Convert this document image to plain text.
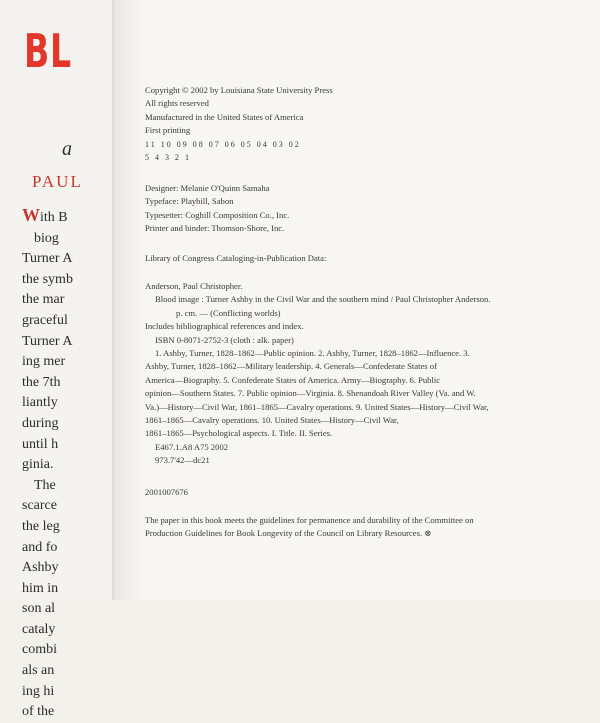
BL
a
PAUL
With B
biog
Turner A
the symb
the mar
graceful
Turner A
ing mer
the 7th
liantly
during
until h
ginia.
The
scarce
the leg
and fo
Ashby
him in
son al
cataly
combi
als an
ing hi
of the
Copyright © 2002 by Louisiana State University Press
All rights reserved
Manufactured in the United States of America
First printing
11 10 09 08 07 06 05 04 03 02
5 4 3 2 1
Designer: Melanie O'Quinn Samaha
Typeface: Playbill, Sabon
Typesetter: Coghill Composition Co., Inc.
Printer and binder: Thomson-Shore, Inc.
Library of Congress Cataloging-in-Publication Data:
Anderson, Paul Christopher.
Blood image : Turner Ashby in the Civil War and the southern mind / Paul Christopher Anderson.
p. cm. — (Conflicting worlds)
Includes bibliographical references and index.
ISBN 0-8071-2752-3 (cloth : alk. paper)
1. Ashby, Turner, 1828–1862—Public opinion. 2. Ashby, Turner, 1828–1862—Influence. 3.
Ashby, Turner, 1828–1862—Military leadership. 4. Generals—Confederate States of
America—Biography. 5. Confederate States of America. Army—Biography. 6. Public
opinion—Southern States. 7. Public opinion—Virginia. 8. Shenandoah River Valley (Va. and W.
Va.)—History—Civil War, 1861–1865—Cavalry operations. 9. United States—History—Civil War,
1861–1865—Cavalry operations. 10. United States—History—Civil War,
1861–1865—Psychological aspects. I. Title. II. Series.
E467.1.A8 A75 2002
973.7'42—dc21
2001007676
The paper in this book meets the guidelines for permanence and durability of the Committee on
Production Guidelines for Book Longevity of the Council on Library Resources. ⊗
